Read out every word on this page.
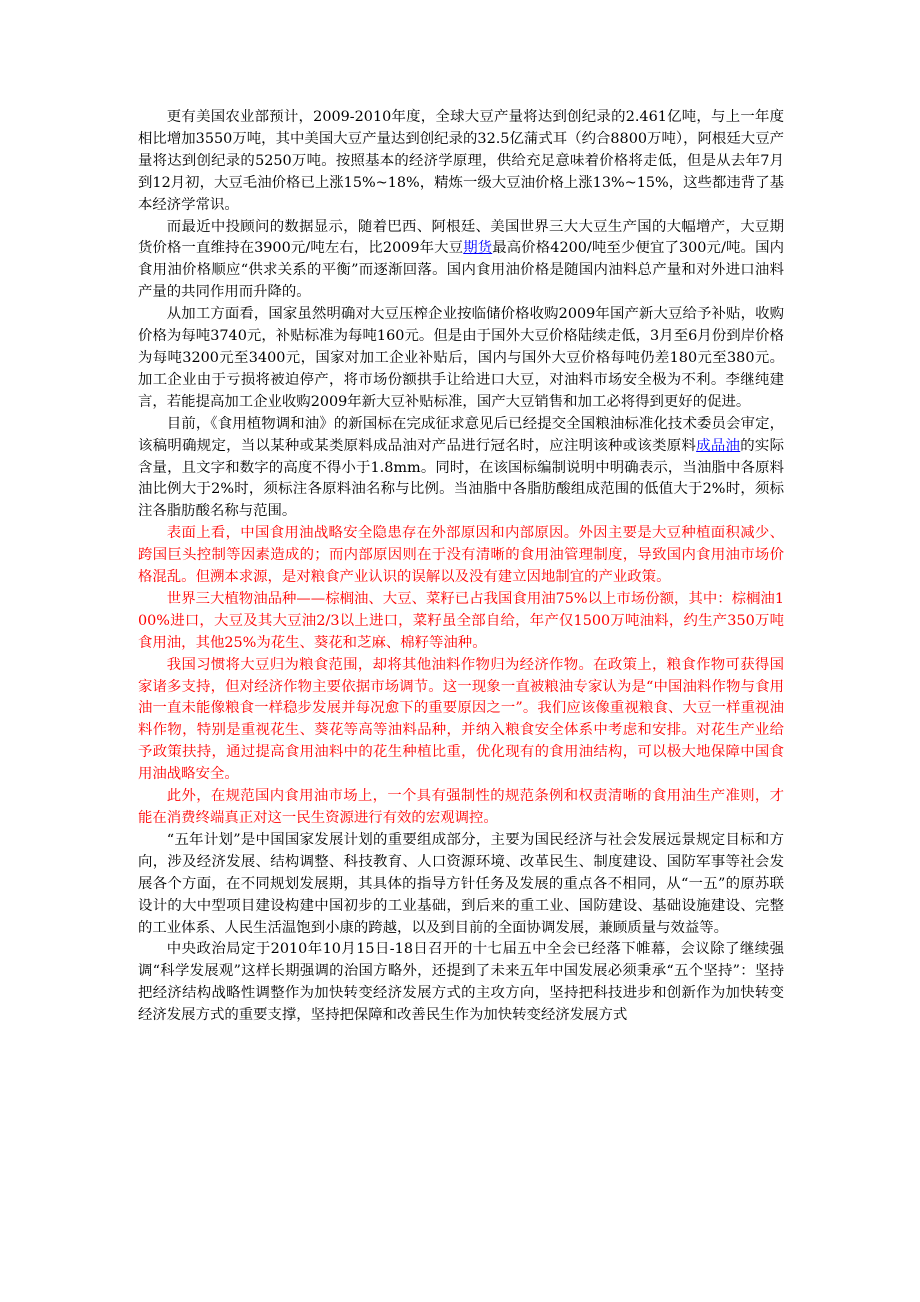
更有美国农业部预计，2009-2010年度，全球大豆产量将达到创纪录的2.461亿吨，与上一年度相比增加3550万吨，其中美国大豆产量达到创纪录的32.5亿蒲式耳（约合8800万吨），阿根廷大豆产量将达到创纪录的5250万吨。按照基本的经济学原理，供给充足意味着价格将走低，但是从去年7月到12月初，大豆毛油价格已上涨15%~18%，精炼一级大豆油价格上涨13%~15%，这些都违背了基本经济学常识。

而最近中投顾问的数据显示，随着巴西、阿根廷、美国世界三大大豆生产国的大幅增产，大豆期货价格一直维持在3900元/吨左右，比2009年大豆期货最高价格4200/吨至少便宜了300元/吨。国内食用油价格顺应“供求关系的平衡”而逐渐回落。国内食用油价格是随国内油料总产量和对外进口油料产量的共同作用而升降的。

从加工方面看，国家虽然明确对大豆压榨企业按临储价格收购2009年国产新大豆给予补贴，收购价格为每吨3740元，补贴标准为每吨160元。但是由于国外大豆价格陆续走低，3月至6月份到岸价格为每吨3200元至3400元，国家对加工企业补贴后，国内与国外大豆价格每吨仍差180元至380元。加工企业由于亏损将被迫停产，将市场份额拱手让给进口大豆，对油料市场安全极为不利。李继纯建言，若能提高加工企业收购2009年新大豆补贴标准，国产大豆销售和加工必将得到更好的促进。

目前，《食用植物调和油》的新国标在完成征求意见后已经提交全国粮油标准化技术委员会审定，该稿明确规定，当以某种或某类原料成品油对产品进行冠名时，应注明该种或该类原料成品油的实际含量，且文字和数字的高度不得小于1.8mm。同时，在该国标编制说明中明确表示，当油脂中各原料油比例大于2%时，须标注各原料油名称与比例。当油脂中各脂肪酸组成范围的低值大于2%时，须标注各脂肪酸名称与范围。

表面上看，中国食用油战略安全隐患存在外部原因和内部原因。外因主要是大豆种植面积减少、跨国巨头控制等因素造成的；而内部原因则在于没有清晰的食用油管理制度，导致国内食用油市场价格混乱。但溯本求源，是对粮食产业认识的误解以及没有建立因地制宜的产业政策。

世界三大植物油品种——棕榈油、大豆、菜籽已占我国食用油75%以上市场份额，其中：棕榈油100%进口，大豆及其大豆油2/3以上进口，菜籽虽全部自给，年产仅1500万吨油料，约生产350万吨食用油，其他25%为花生、葵花和芝麻、棉籽等油种。

我国习惯将大豆归为粮食范围，却将其他油料作物归为经济作物。在政策上，粮食作物可获得国家诸多支持，但对经济作物主要依据市场调节。这一现象一直被粮油专家认为是“中国油料作物与食用油一直未能像粮食一样稳步发展并每况愈下的重要原因之一”。我们应该像重视粮食、大豆一样重视油料作物，特别是重视花生、葵花等高等油料品种，并纳入粮食安全体系中考虑和安排。对花生产业给予政策扶持，通过提高食用油料中的花生种植比重，优化现有的食用油结构，可以极大地保障中国食用油战略安全。

此外，在规范国内食用油市场上，一个具有强制性的规范条例和权责清晰的食用油生产准则，才能在消费终端真正对这一民生资源进行有效的宏观调控。

“五年计划”是中国国家发展计划的重要组成部分，主要为国民经济与社会发展远景规定目标和方向，涉及经济发展、结构调整、科技教育、人口资源环境、改革民生、制度建设、国防军事等社会发展各个方面，在不同规划发展期，其具体的指导方针任务及发展的重点各不相同，从“一五”的原苏联设计的大中型项目建设构建中国初步的工业基础，到后来的重工业、国防建设、基础设施建设、完整的工业体系、人民生活温饱到小康的跨越，以及到目前的全面协调发展，兼顾质量与效益等。

中央政治局定于2010年10月15日-18日召开的十七届五中全会已经落下帷幕，会议除了继续强调“科学发展观”这样长期强调的治国方略外，还提到了未来五年中国发展必须秉承“五个坚持”：坚持把经济结构战略性调整作为加快转变经济发展方式的主攻方向，坚持把科技进步和创新作为加快转变经济发展方式的重要支撑，坚持把保障和改善民生作为加快转变经济发展方式
